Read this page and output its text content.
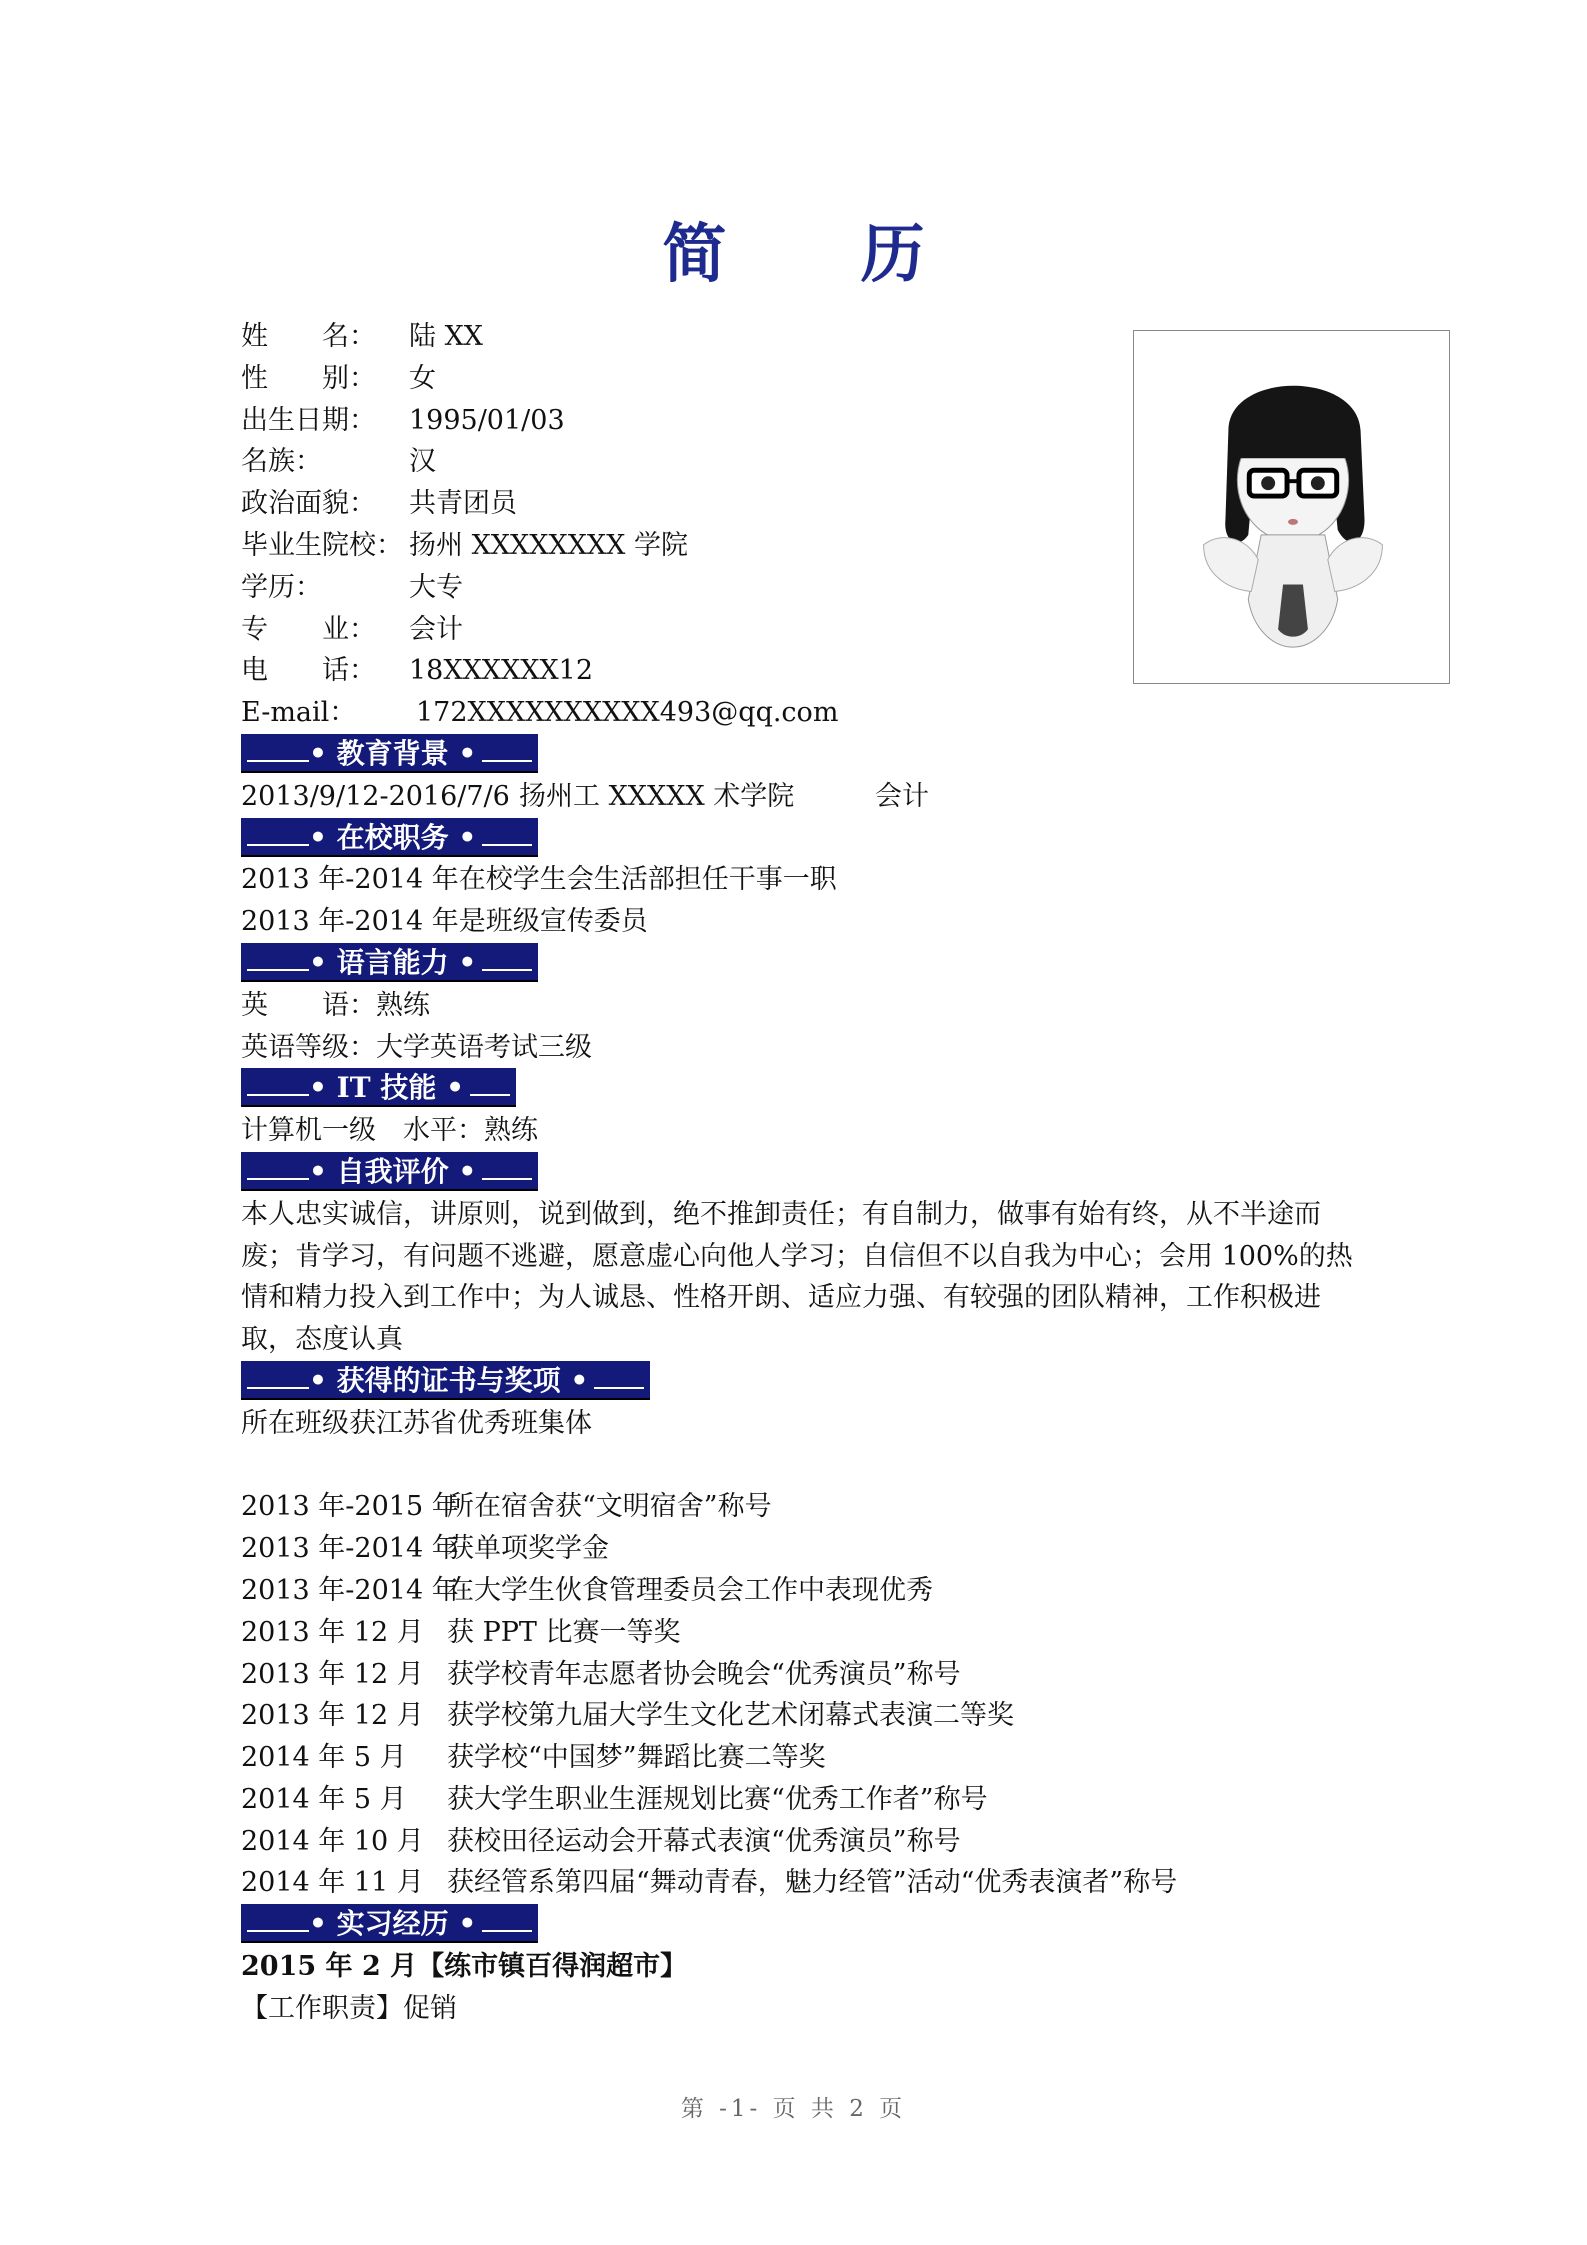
简 历
姓　　名： 陆 XX
性　　别： 女
出生日期： 1995/01/03
名族：	汉
政治面貌： 共青团员
毕业生院校： 扬州 XXXXXXXX 学院
学历：	大专
专　　业： 会计
电　　话： 18XXXXXX12
E-mail： 172XXXXXXXXXX493@qq.com
• 教育背景 •
2013/9/12-2016/7/6 扬州工 XXXXX 术学院	会计
• 在校职务 •
2013 年-2014 年在校学生会生活部担任干事一职
2013 年-2014 年是班级宣传委员
• 语言能力 •
英　　语：熟练
英语等级：大学英语考试三级
• IT 技能 •
计算机一级　水平：熟练
• 自我评价 •
本人忠实诚信，讲原则，说到做到，绝不推卸责任；有自制力，做事有始有终，从不半途而废；肯学习，有问题不逃避，愿意虚心向他人学习；自信但不以自我为中心；会用 100%的热情和精力投入到工作中；为人诚恳、性格开朗、适应力强、有较强的团队精神，工作积极进取，态度认真
• 获得的证书与奖项 •
所在班级获江苏省优秀班集体
2013 年-2015 年所在宿舍获“文明宿舍”称号
2013 年-2014 年获单项奖学金
2013 年-2014 年在大学生伙食管理委员会工作中表现优秀
2013 年 12 月 获 PPT 比赛一等奖
2013 年 12 月 获学校青年志愿者协会晚会“优秀演员”称号
2013 年 12 月 获学校第九届大学生文化艺术闭幕式表演二等奖
2014 年 5 月 获学校“中国梦”舞蹈比赛二等奖
2014 年 5 月 获大学生职业生涯规划比赛“优秀工作者”称号
2014 年 10 月 获校田径运动会开幕式表演“优秀演员”称号
2014 年 11 月 获经管系第四届“舞动青春，魅力经管”活动“优秀表演者”称号
• 实习经历 •
2015 年 2 月【练市镇百得润超市】
【工作职责】促销
第 -1- 页 共 2 页
